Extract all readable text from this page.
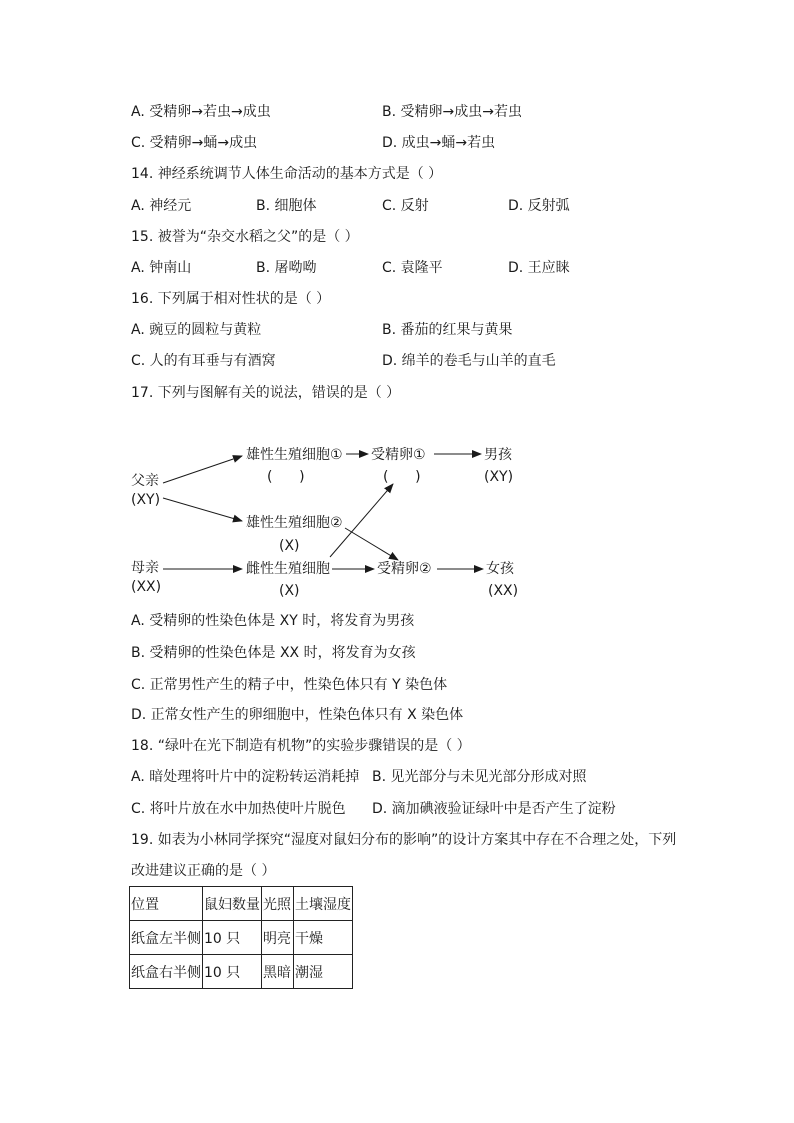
A. 受精卵→若虫→成虫	B. 受精卵→成虫→若虫
C. 受精卵→蛹→成虫	D. 成虫→蛹→若虫
14. 神经系统调节人体生命活动的基本方式是（ ）
A. 神经元	B. 细胞体	C. 反射	D. 反射弧
15. 被誉为“杂交水稻之父”的是（ ）
A. 钟南山	B. 屠呦呦	C. 袁隆平	D. 王应睐
16. 下列属于相对性状的是（ ）
A. 豌豆的圆粒与黄粒	B. 番茄的红果与黄果
C. 人的有耳垂与有酒窝	D. 绵羊的卷毛与山羊的直毛
17. 下列与图解有关的说法，错误的是（ ）
父亲
(XY)
母亲
(XX)
雄性生殖细胞①
(      )
雄性生殖细胞②
(X)
雌性生殖细胞
(X)
受精卵①
(      )
受精卵②
男孩
(XY)
女孩
(XX)
A. 受精卵的性染色体是 XY 时，将发育为男孩
B. 受精卵的性染色体是 XX 时，将发育为女孩
C. 正常男性产生的精子中，性染色体只有 Y 染色体
D. 正常女性产生的卵细胞中，性染色体只有 X 染色体
18. “绿叶在光下制造有机物”的实验步骤错误的是（ ）
A. 暗处理将叶片中的淀粉转运消耗掉 B. 见光部分与未见光部分形成对照
C. 将叶片放在水中加热使叶片脱色 D. 滴加碘液验证绿叶中是否产生了淀粉
19. 如表为小林同学探究“湿度对鼠妇分布的影响”的设计方案其中存在不合理之处，下列
改进建议正确的是（ ）
位置	鼠妇数量	光照	土壤湿度
纸盒左半侧	10 只	明亮	干燥
纸盒右半侧	10 只	黑暗	潮湿
